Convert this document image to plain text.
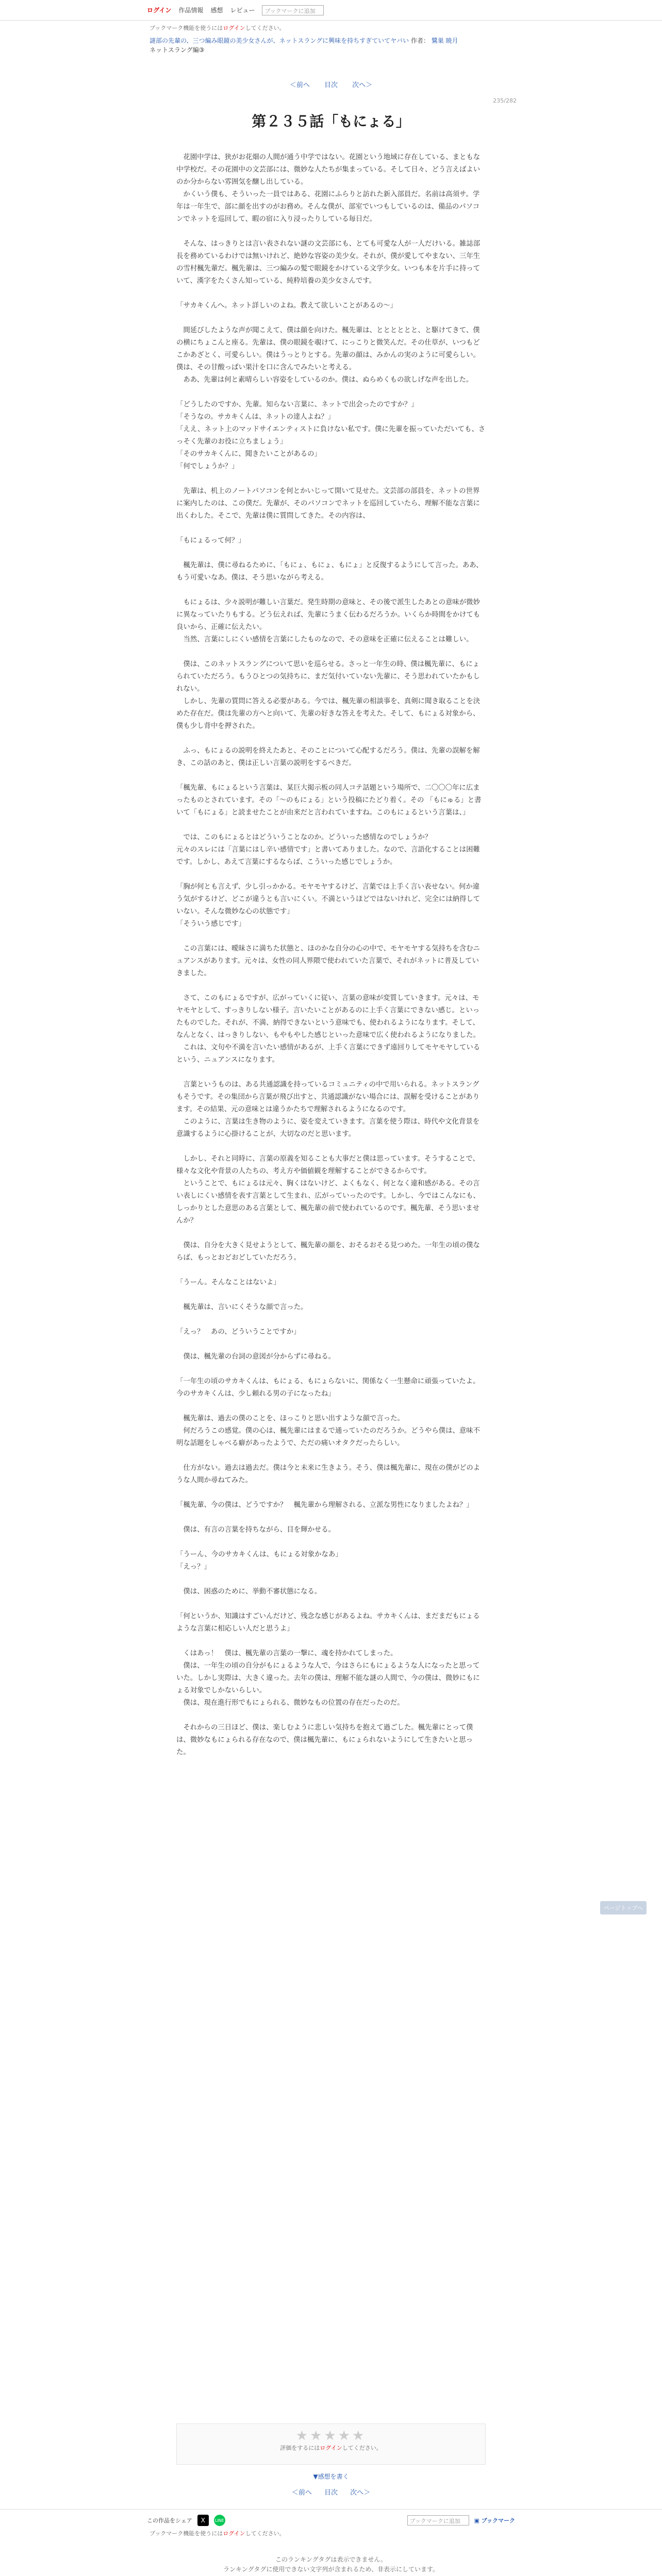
ログイン 作品情報 感想 レビュー	ブックマークに追加
ブックマーク機能を使うにはログインしてください。
謎部の先輩の、三つ編み眼鏡の美少女さんが、ネットスラングに興味を持ちすぎていてヤバい 作者： 鷺巣 暁月
ネットスラング編③
＜前へ 目次 次へ＞
235/282
第２３５話「もにょる」

　花園中学は、狭がお花畑の人間が通う中学ではない。花園という地域に存在している、まともな中学校だ。その花園中の文芸部には、微妙な人たちが集まっている。そして日々、どう言えばよいのか分からない雰囲気を醸し出している。

　かくいう僕も、そういった一員ではある、花園にふらりと訪れた新入部員だ。名前は高須サ。学年は一年生で、部に顔を出すのがお務め。そんな僕が、部室でいつもしているのは、備品のパソコンでネットを巡回して、暇の宿に入り浸ったりしている毎日だ。

　そんな、はっきりとは言い表されない謎の文芸部にも、とても可愛な人が一人だけいる。雑誌部長を務めているわけでは無いけれど、絶妙な容姿の美少女。それが、僕が愛してやまない、三年生の雪村楓先輩だ。楓先輩は、三つ編みの髪で眼鏡をかけている文学少女。いつも本を片手に持っていて、漢字をたくさん知っている、純粋培養の美少女さんです。

「サカキくんへ。ネット詳しいのよね。教えて欲しいことがあるの～」

　間延びしたような声が聞こえて、僕は顔を向けた。楓先輩は、とととととと、と駆けてきて、僕の横にちょこんと座る。先輩は、僕の眼鏡を覗けて、にっこりと微笑んだ。その仕草が、いつもどこかあざとく、可愛らしい。僕はうっとりとする。先輩の顔は、みかんの実のように可愛らしい。僕は、その甘酸っぱい果汁を口に含んでみたいと考える。

　ああ、先輩は何と素晴らしい容姿をしているのか。僕は、ぬらめくもの欲しげな声を出した。

「どうしたのですか、先輩。知らない言葉に、ネットで出会ったのですか？」

「そうなの。サカキくんは、ネットの達人よね？」

「ええ、ネット上のマッドサイエンティストに負けない私です。僕に先輩を振っていただいても、さっそく先輩のお役に立ちましょう」

「そのサカキくんに、聞きたいことがあるの」

「何でしょうか？」

　先輩は、机上のノートパソコンを何とかいじって開いて見せた。文芸部の部員を、ネットの世界に案内したのは、この僕だ。先輩が、そのパソコンでネットを巡回していたら、理解不能な言葉に出くわした。そこで、先輩は僕に質問してきた。その内容は、

「もにょるって何？」

　楓先輩は、僕に尋ねるために、「もにょ、もにょ、もにょ」と反復するようにして言った。ああ、もう可愛いなあ。僕は、そう思いながら考える。

　もにょるは、少々説明が難しい言葉だ。発生時期の意味と、その後で派生したあとの意味が微妙に異なっていたりもする。どう伝えれば、先輩にうまく伝わるだろうか。いくらか時間をかけても良いから、正確に伝えたい。

　当然、言葉にしにくい感情を言葉にしたものなので、その意味を正確に伝えることは難しい。

　僕は、このネットスラングについて思いを巡らせる。さっと一年生の時、僕は楓先輩に、もにょられていただろう。もうひとつの気持ちに、まだ気付いていない先輩に、そう思われていたかもしれない。

　しかし、先輩の質問に答える必要がある。今では、楓先輩の相談事を、真剣に聞き取ることを決めた存在だ。僕は先輩の方へと向いて、先輩の好きな答えを考えた。そして、もにょる対象から、僕も少し背中を押された。

　ふっ、もにょるの説明を終えたあと、そのことについて心配するだろう。僕は、先輩の誤解を解き、この話のあと、僕は正しい言葉の説明をするべきだ。

「楓先輩、もにょるという言葉は、某巨大掲示板の同人コテ話題という場所で、二〇〇〇年に広まったものとされています。その「〜のもにょる」という投稿にたどり着く。その 「もにゅる」と書いて「もにょる」と読ませたことが由来だと言われていますね。このもにょるという言葉は、」

　では、このもにょるとはどういうことなのか。どういった感情なのでしょうか？

元々のスレには「言葉にはし辛い感情です」と書いてありました。なので、言語化することは困難です。しかし、あえて言葉にするならば、こういった感じでしょうか。

「胸が何とも言えず、少し引っかかる。モヤモヤするけど、言葉では上手く言い表せない。何か違う気がするけど、どこが違うとも言いにくい。不満というほどではないけれど、完全には納得していない。そんな微妙な心の状態です」

「そういう感じです」

　この言葉には、曖昧さに満ちた状態と、ほのかな自分の心の中で、モヤモヤする気持ちを含むニュアンスがあります。元々は、女性の同人界隈で使われていた言葉で、それがネットに普及していきました。

　さて、このもにょるですが、広がっていくに従い、言葉の意味が変質していきます。元々は、モヤモヤとして、すっきりしない様子。言いたいことがあるのに上手く言葉にできない感じ。といったものでした。それが、不満、納得できないという意味でも、使われるようになります。そして、なんとなく、はっきりしない、もやもやした感じといった意味で広く使われるようになりました。

　これは、文句や不満を言いたい感情があるが、上手く言葉にできず遠回りしてモヤモヤしているという、ニュアンスになります。

　言葉というものは、ある共通認識を持っているコミュニティの中で用いられる。ネットスラングもそうです。その集団から言葉が飛び出すと、共通認識がない場合には、誤解を受けることがあります。その結果、元の意味とは違うかたちで理解されるようになるのです。

　このように、言葉は生き物のように、姿を変えていきます。言葉を使う際は、時代や文化背景を意識するように心掛けることが、大切なのだと思います。

　しかし、それと同時に、言葉の原義を知ることも大事だと僕は思っています。そうすることで、様々な文化や背景の人たちの、考え方や価値観を理解することができるからです。

　ということで、もにょるは元々、胸くはないけど、よくもなく、何となく違和感がある。その言い表しにくい感情を表す言葉として生まれ、広がっていったのです。しかし、今ではこんなにも、しっかりとした意思のある言葉として、楓先輩の前で使われているのです。楓先輩、そう思いませんか？

　僕は、自分を大きく見せようとして、楓先輩の顔を、おそるおそる見つめた。一年生の頃の僕ならば、もっとおどおどしていただろう。

「うーん。そんなことはないよ」

　楓先輩は、言いにくそうな顔で言った。

「えっ？　あの、どういうことですか」

　僕は、楓先輩の台詞の意図が分からずに尋ねる。

「一年生の頃のサカキくんは、もにょる、もにょらないに、関係なく一生懸命に頑張っていたよ。今のサカキくんは、少し頼れる男の子になったね」

　楓先輩は、過去の僕のことを、ほっこりと思い出すような顔で言った。

　何だろうこの感覚。僕の心は、楓先輩にはまるで通っていたのだろうか。どうやら僕は、意味不明な話題をしゃべる癖があったようで、ただの痛いオタクだったらしい。

　仕方がない。過去は過去だ。僕は今と未来に生きよう。そう、僕は楓先輩に、現在の僕がどのような人間か尋ねてみた。

「楓先輩、今の僕は、どうですか？　楓先輩から理解される、立派な男性になりましたよね？」

　僕は、有言の言葉を持ちながら、目を輝かせる。

「うーん、今のサカキくんは、もにょる対象かなあ」

「えっ？」

　僕は、困惑のために、挙動不審状態になる。

「何というか、知識はすごいんだけど、残念な感じがあるよね。サカキくんは、まだまだもにょるような言葉に相応しい人だと思うよ」

　くはあっ！　僕は、楓先輩の言葉の一撃に、魂を持かれてしまった。

　僕は、一年生の頃の自分がもにょるような人で、今はさらにもにょるような人になったと思っていた。しかし実際は、大きく違った。去年の僕は、理解不能な謎の人間で、今の僕は、微妙にもにょる対象でしかないらしい。

　僕は、現在進行形でもにょられる、微妙なもの位置の存在だったのだ。

　それからの三日ほど、僕は、楽しむように悲しい気持ちを抱えて過ごした。楓先輩にとって僕は、微妙なもにょられる存在なので、僕は楓先輩に、もにょられないようにして生きたいと思った。

★★★★★
評価をするにはログインしてください。
▼感想を書く
＜前へ 目次 次へ＞
この作品をシェア	X	LINE	ブックマークに追加	▣ ブックマーク
ブックマーク機能を使うにはログインしてください。
このランキングタグは表示できません。
ランキングタグに使用できない文字列が含まれるため、非表示にしています。
ページトップへ
